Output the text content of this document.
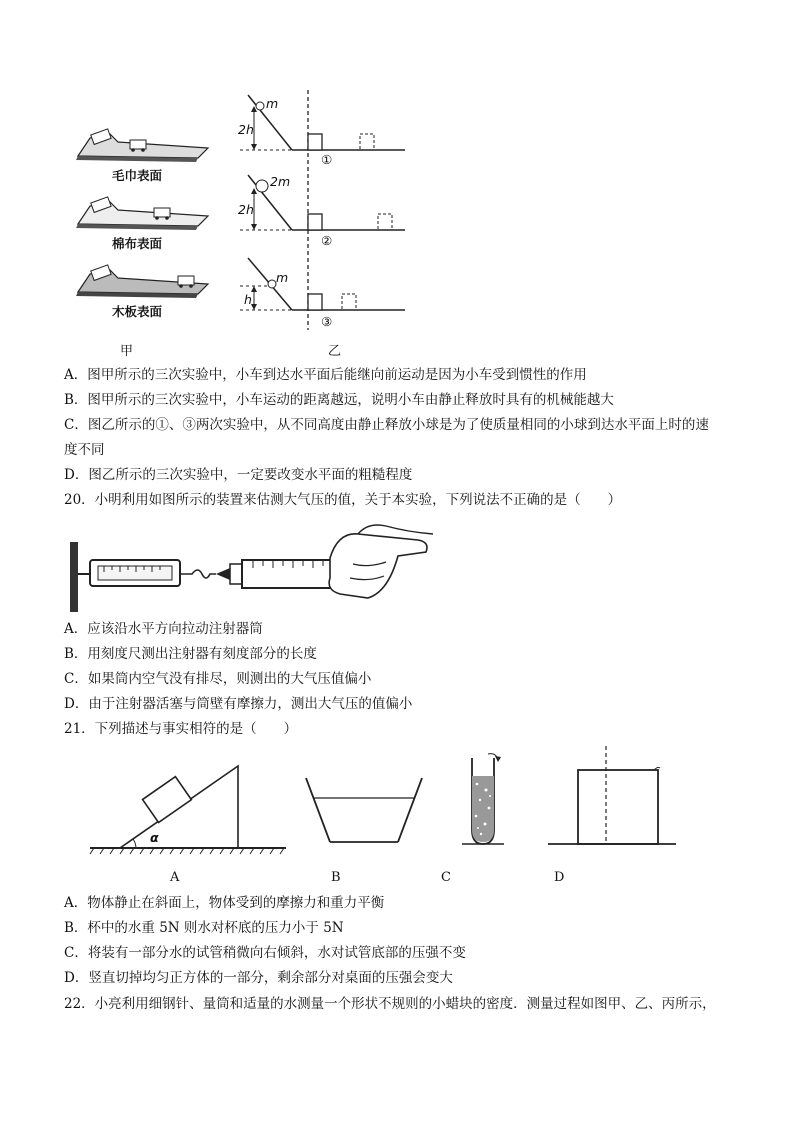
毛巾表面
棉布表面
木板表面
甲
2h
m
①
2h
2m
②
h
m
③
乙
A．图甲所示的三次实验中，小车到达水平面后能继向前运动是因为小车受到惯性的作用
B．图甲所示的三次实验中，小车运动的距离越远，说明小车由静止释放时具有的机械能越大
C．图乙所示的①、③两次实验中，从不同高度由静止释放小球是为了使质量相同的小球到达水平面上时的速
度不同
D．图乙所示的三次实验中，一定要改变水平面的粗糙程度
20．小明利用如图所示的装置来估测大气压的值，关于本实验，下列说法不正确的是（　　）
A．应该沿水平方向拉动注射器筒
B．用刻度尺测出注射器有刻度部分的长度
C．如果筒内空气没有排尽，则测出的大气压值偏小
D．由于注射器活塞与筒壁有摩擦力，测出大气压的值偏小
21．下列描述与事实相符的是（　　）
α
A	B	C	D
A．物体静止在斜面上，物体受到的摩擦力和重力平衡
B．杯中的水重 5N 则水对杯底的压力小于 5N
C．将装有一部分水的试管稍微向右倾斜，水对试管底部的压强不变
D．竖直切掉均匀正方体的一部分，剩余部分对桌面的压强会变大
22．小亮利用细钢针、量筒和适量的水测量一个形状不规则的小蜡块的密度．测量过程如图甲、乙、丙所示，
